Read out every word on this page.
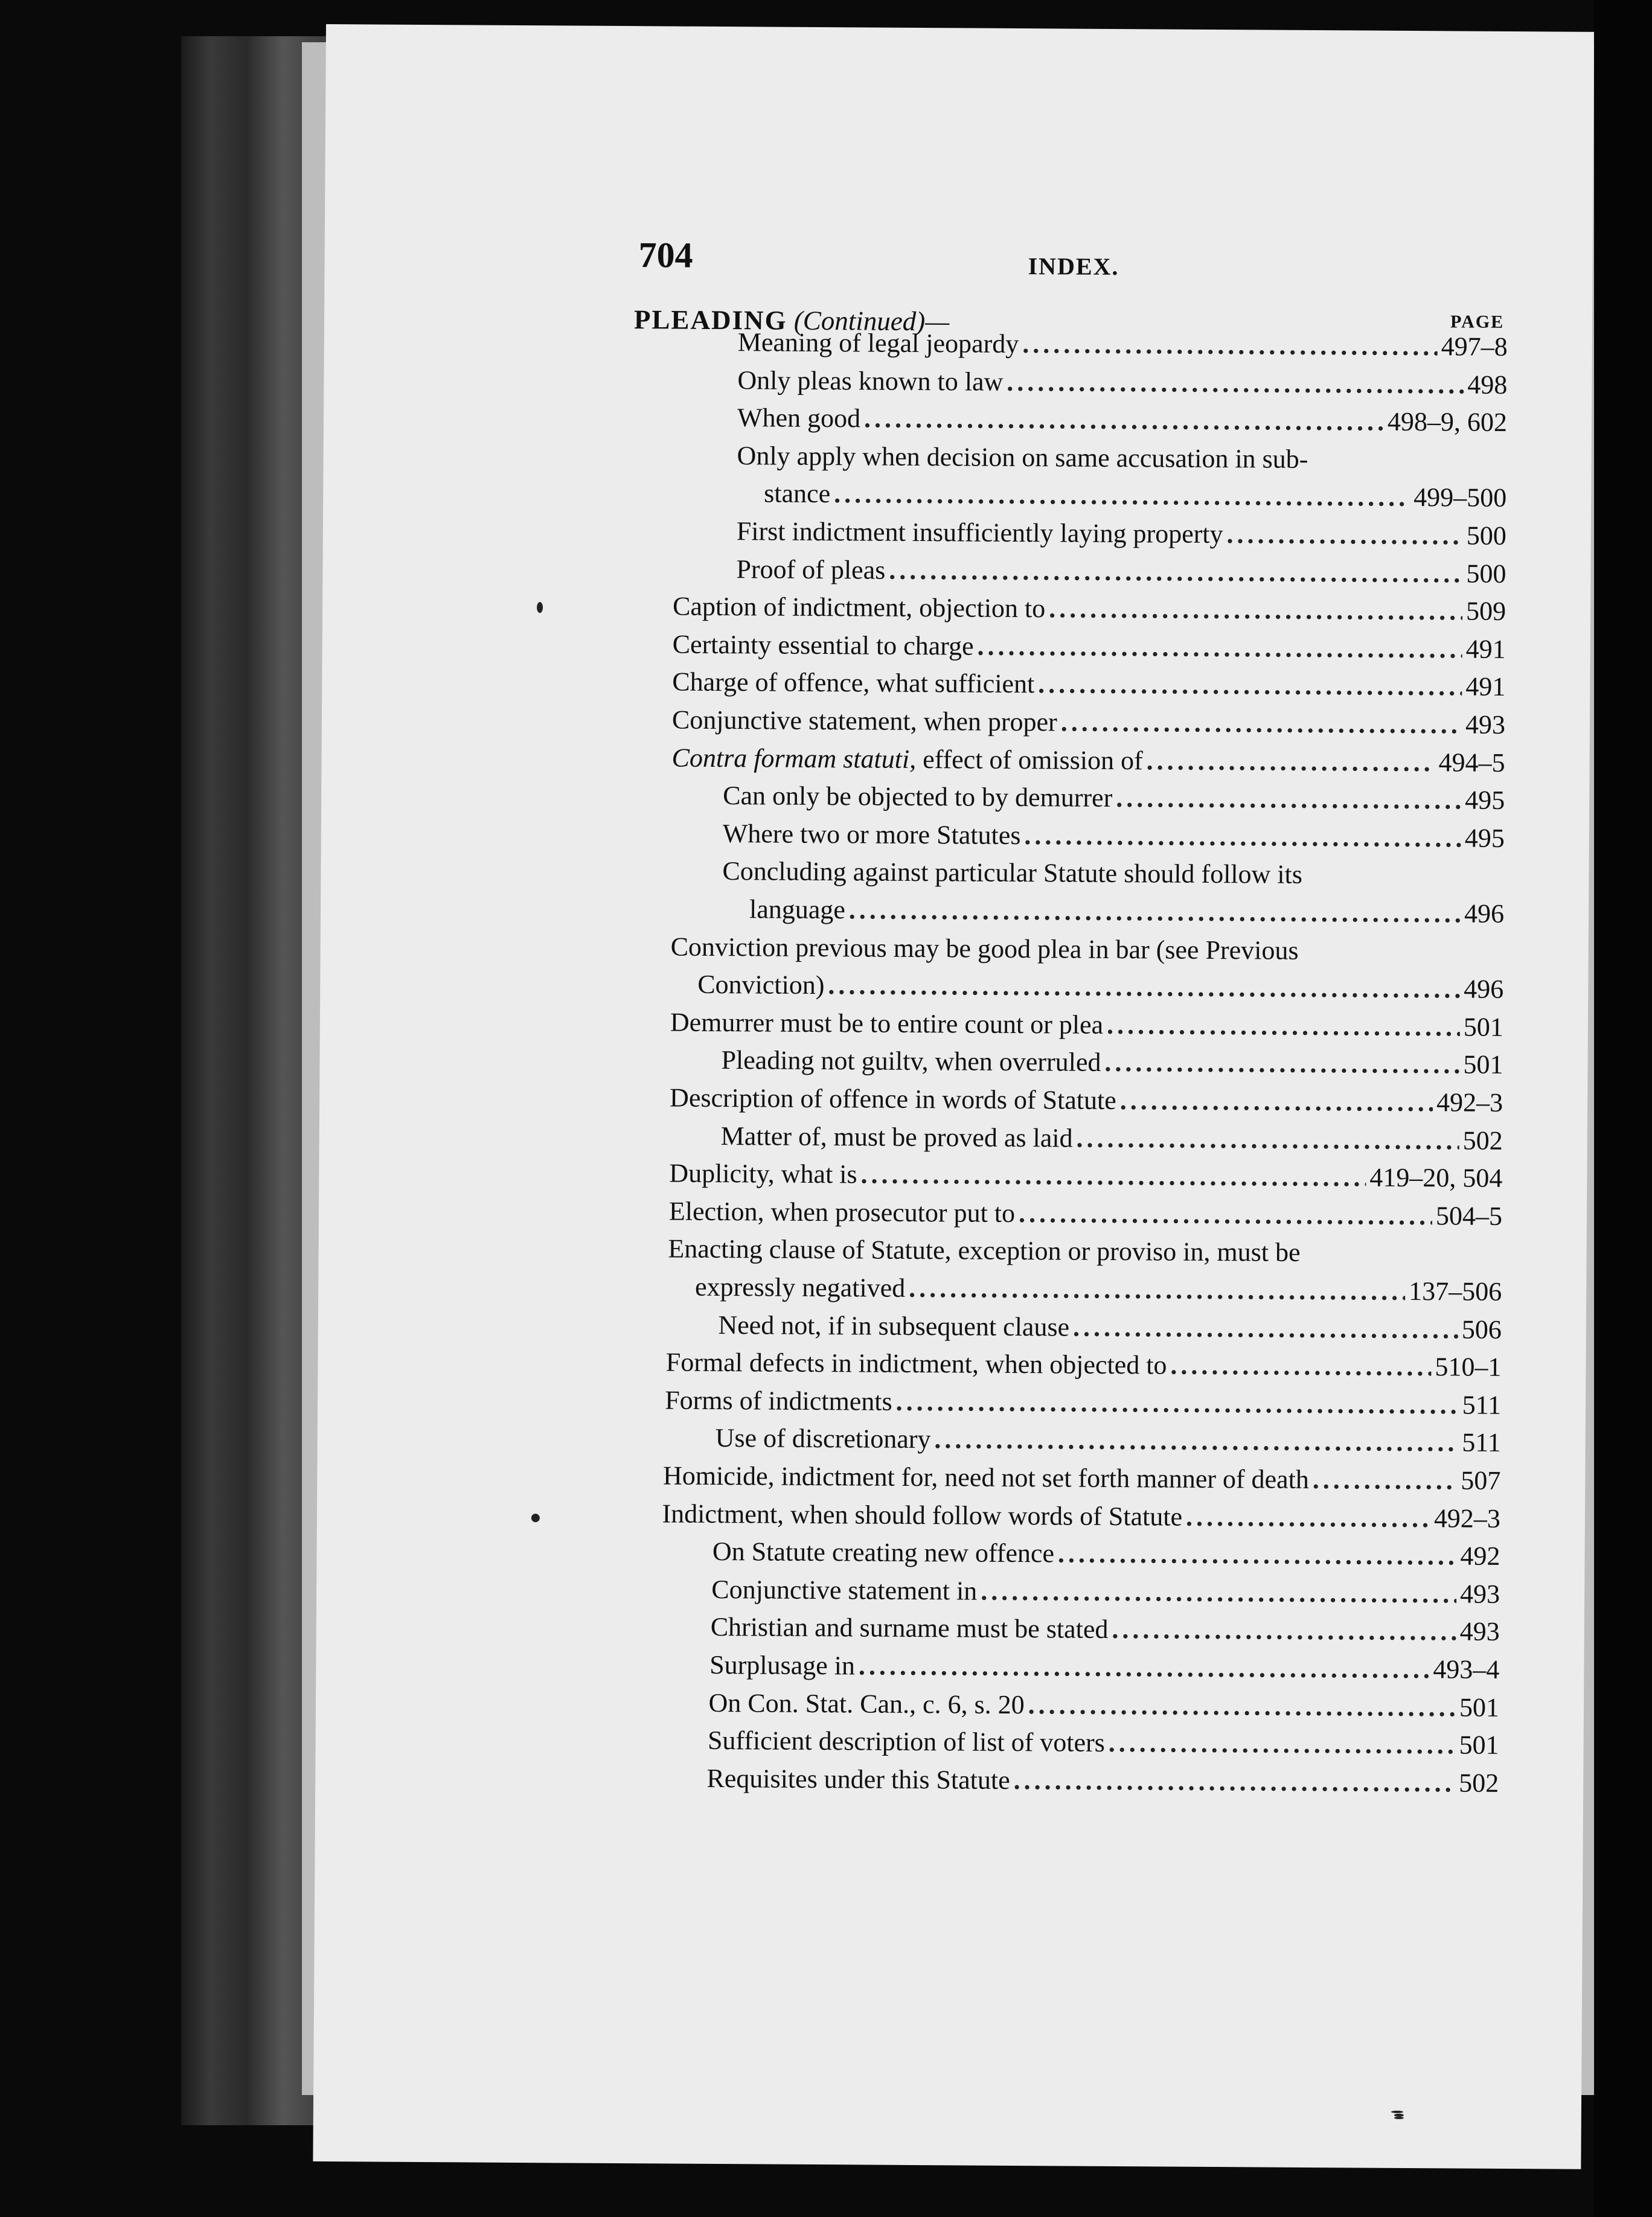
704	INDEX.
PAGE
PLEADING (Continued)—
Meaning of legal jeopardy .....	497–8
Only pleas known to law .....	498
When good .....	498–9, 602
Only apply when decision on same accusation in sub-
stance .....	499–500
First indictment insufficiently laying property .....	500
Proof of pleas .....	500
Caption of indictment, objection to .....	509
Certainty essential to charge .....	491
Charge of offence, what sufficient .....	491
Conjunctive statement, when proper .....	493
Contra formam statuti, effect of omission of .....	494–5
Can only be objected to by demurrer .....	495
Where two or more Statutes .....	495
Concluding against particular Statute should follow its
language .....	496
Conviction previous may be good plea in bar (see Previous
Conviction) .....	496
Demurrer must be to entire count or plea .....	501
Pleading not guiltv, when overruled .....	501
Description of offence in words of Statute .....	492–3
Matter of, must be proved as laid .....	502
Duplicity, what is .....	419–20, 504
Election, when prosecutor put to .....	504–5
Enacting clause of Statute, exception or proviso in, must be
expressly negatived .....	137–506
Need not, if in subsequent clause .....	506
Formal defects in indictment, when objected to .....	510–1
Forms of indictments .....	511
Use of discretionary .....	511
Homicide, indictment for, need not set forth manner of death .....	507
Indictment, when should follow words of Statute .....	492–3
On Statute creating new offence .....	492
Conjunctive statement in .....	493
Christian and surname must be stated .....	493
Surplusage in .....	493–4
On Con. Stat. Can., c. 6, s. 20 .....	501
Sufficient description of list of voters .....	501
Requisites under this Statute .....	502
